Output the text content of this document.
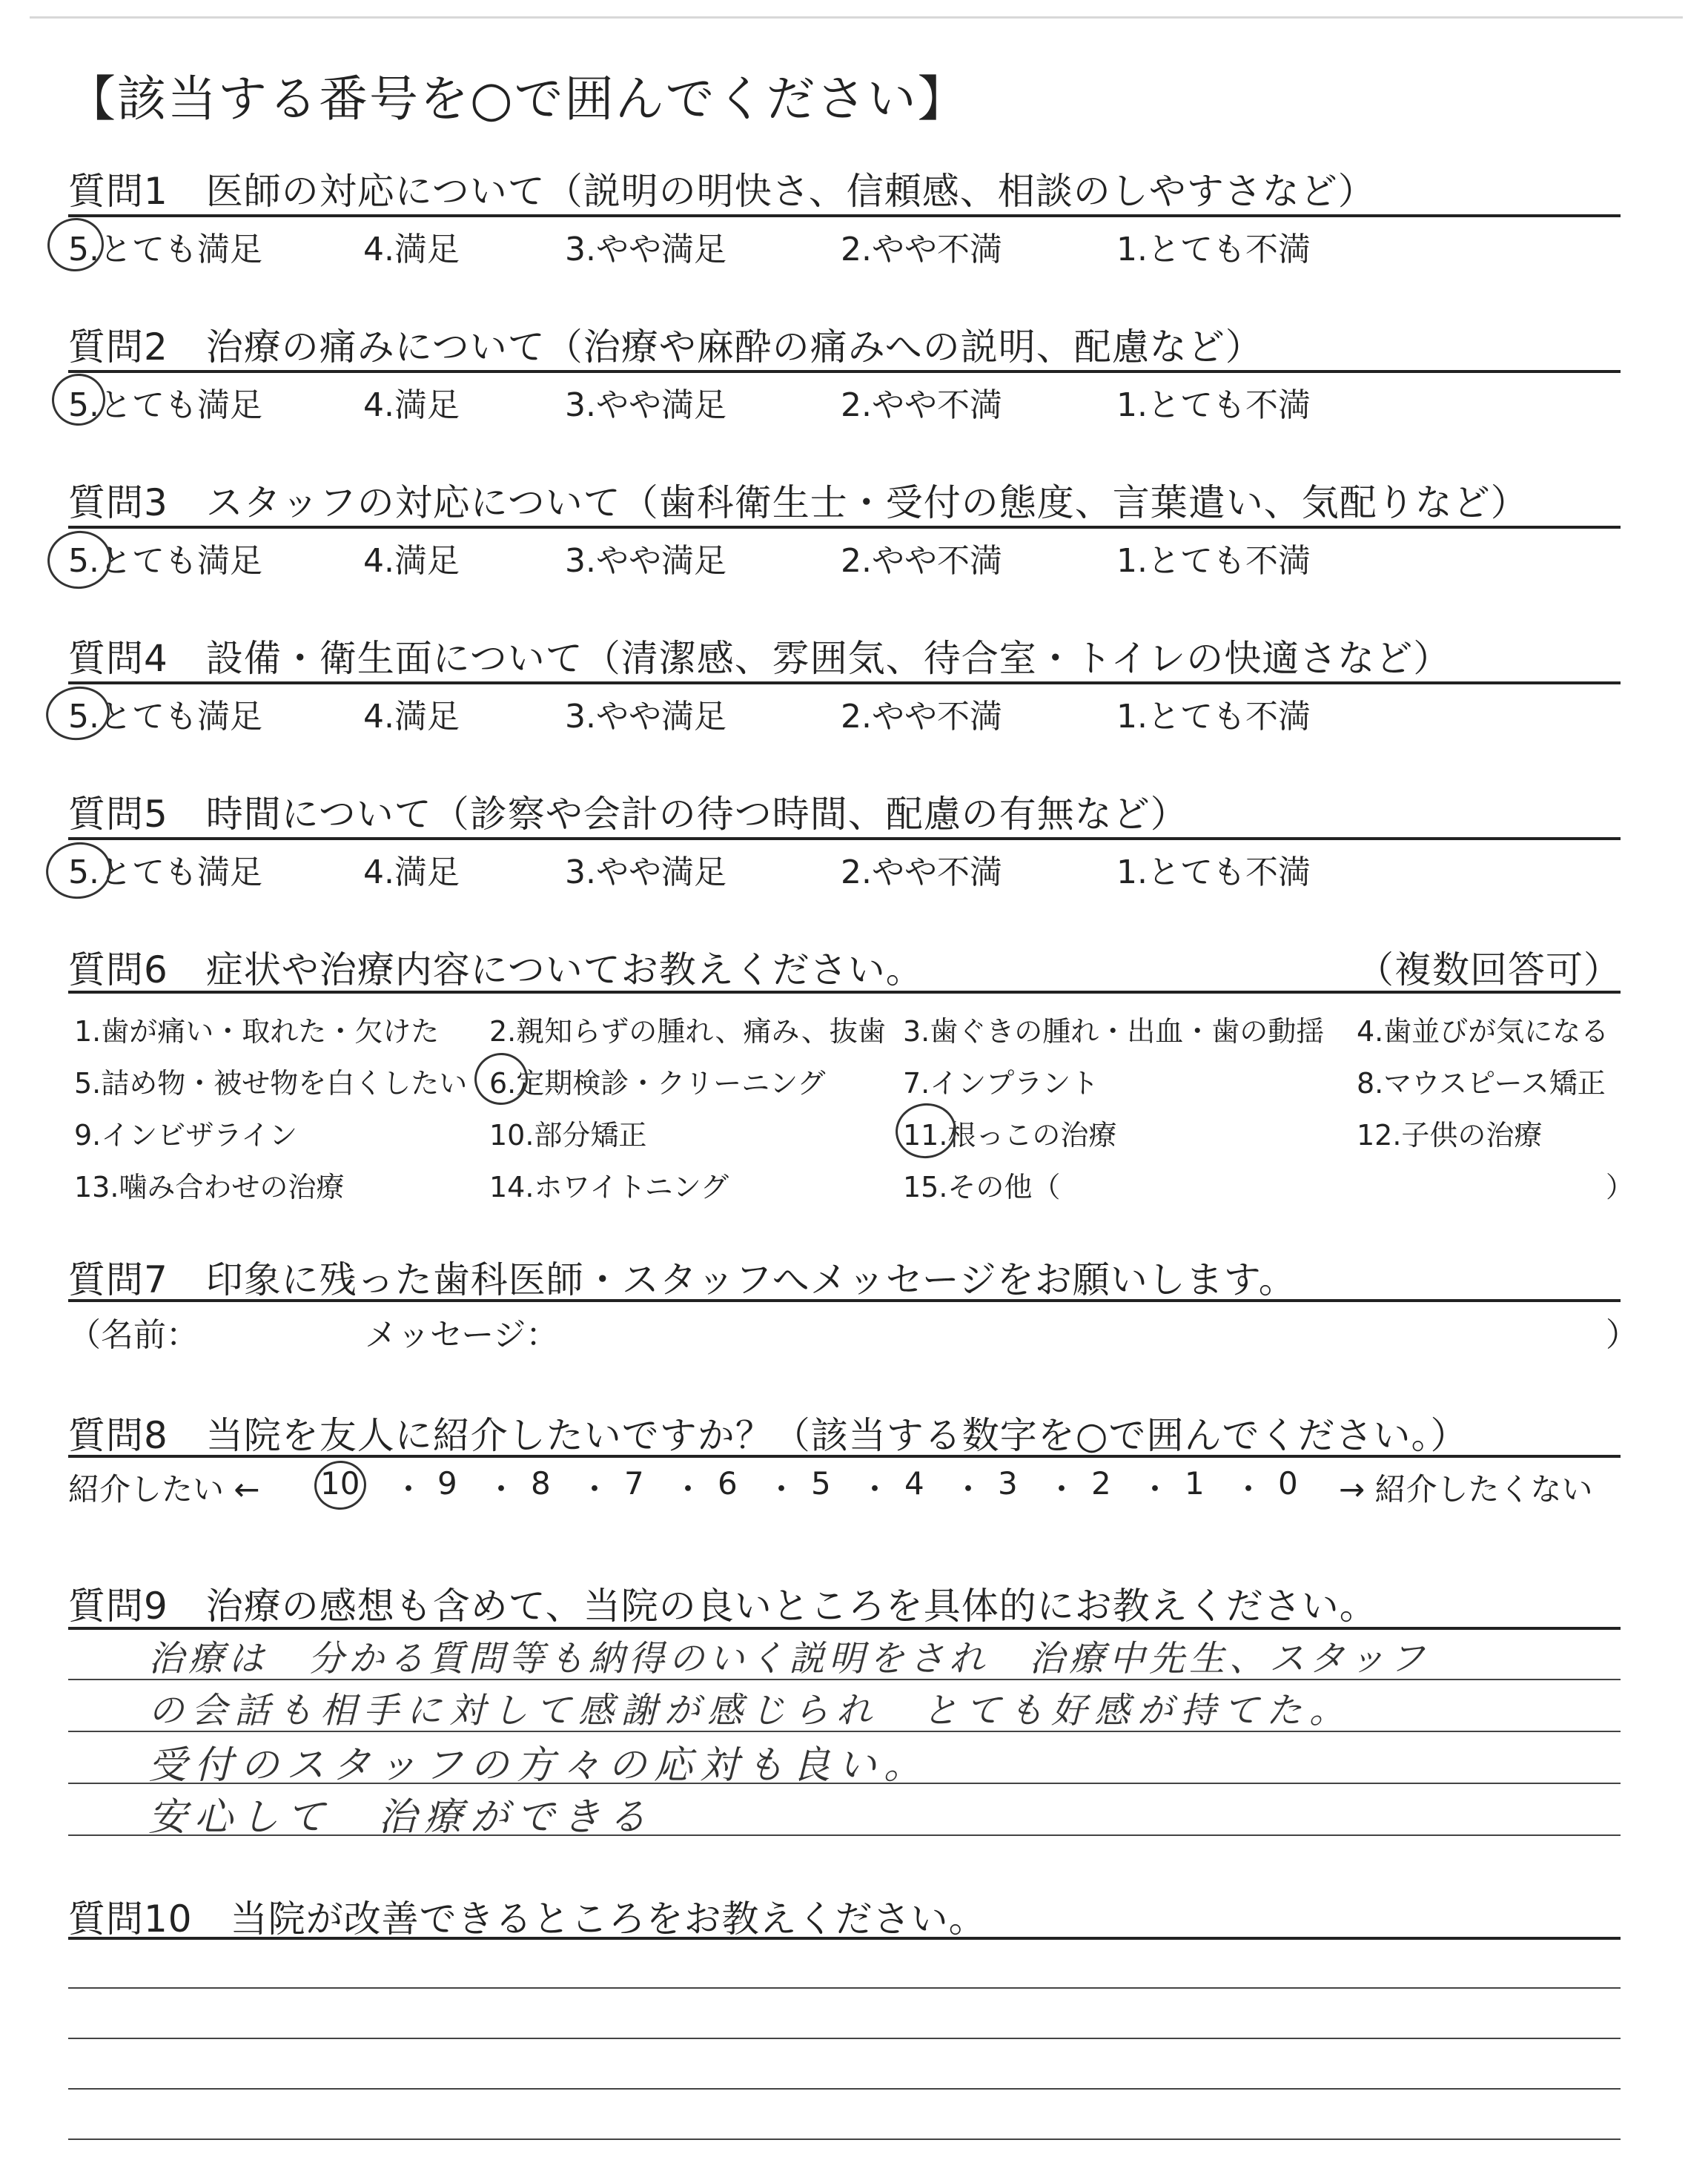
【該当する番号を○で囲んでください】
質問1　医師の対応について（説明の明快さ、信頼感、相談のしやすさなど）
5.とても満足	4.満足	3.やや満足	2.やや不満	1.とても不満
質問2　治療の痛みについて（治療や麻酔の痛みへの説明、配慮など）
5.とても満足	4.満足	3.やや満足	2.やや不満	1.とても不満
質問3　スタッフの対応について（歯科衛生士・受付の態度、言葉遣い、気配りなど）
5.とても満足	4.満足	3.やや満足	2.やや不満	1.とても不満
質問4　設備・衛生面について（清潔感、雰囲気、待合室・トイレの快適さなど）
5.とても満足	4.満足	3.やや満足	2.やや不満	1.とても不満
質問5　時間について（診察や会計の待つ時間、配慮の有無など）
5.とても満足	4.満足	3.やや満足	2.やや不満	1.とても不満
質問6　症状や治療内容についてお教えください。	（複数回答可）
1.歯が痛い・取れた・欠けた 2.親知らずの腫れ、痛み、抜歯 3.歯ぐきの腫れ・出血・歯の動揺 4.歯並びが気になる
5.詰め物・被せ物を白くしたい 6.定期検診・クリーニング	7.インプラント	8.マウスピース矯正
9.インビザライン	10.部分矯正	11.根っこの治療	12.子供の治療
13.噛み合わせの治療	14.ホワイトニング	15.その他（	）
質問7　印象に残った歯科医師・スタッフへメッセージをお願いします。
（名前：	メッセージ：	）
質問8　当院を友人に紹介したいですか？（該当する数字を○で囲んでください。）
紹介したい ←	→ 紹介したくない
10 ・ 9 ・ 8 ・ 7 ・ 6 ・ 5 ・ 4 ・ 3 ・ 2 ・ 1 ・ 0
質問9　治療の感想も含めて、当院の良いところを具体的にお教えください。
治療は　分かる質問等も納得のいく説明をされ　治療中先生、スタッフ
の会話も相手に対して感謝が感じられ　とても好感が持てた。
受付のスタッフの方々の応対も良い。
安心して　治療ができる
質問10　当院が改善できるところをお教えください。
